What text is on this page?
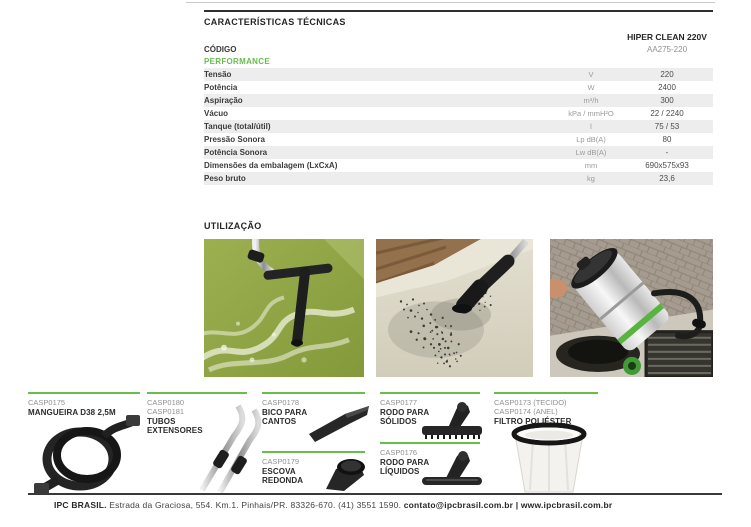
CARACTERÍSTICAS TÉCNICAS
HIPER CLEAN 220V
CÓDIGO	AA275-220
PERFORMANCE
Tensão	V	220
Potência	W	2400
Aspiração	m³/h	300
Vácuo	kPa / mmH²O	22 / 2240
Tanque (total/útil)	l	75 / 53
Pressão Sonora	Lp dB(A)	80
Potência Sonora	Lw dB(A)	-
Dimensões da embalagem (LxCxA)	mm	690x575x93
Peso bruto	kg	23,6
UTILIZAÇÃO
CASP0175
MANGUEIRA D38 2,5M
CASP0180
CASP0181
TUBOS EXTENSORES
CASP0178
BICO PARA CANTOS
CASP0179
ESCOVA REDONDA
CASP0177
RODO PARA SÓLIDOS
CASP0176
RODO PARA LÍQUIDOS
CASP0173 (TECIDO)
CASP0174 (ANEL)
FILTRO POLIÉSTER
IPC BRASIL. Estrada da Graciosa, 554. Km.1. Pinhais/PR. 83326-670. (41) 3551 1590. contato@ipcbrasil.com.br | www.ipcbrasil.com.br
